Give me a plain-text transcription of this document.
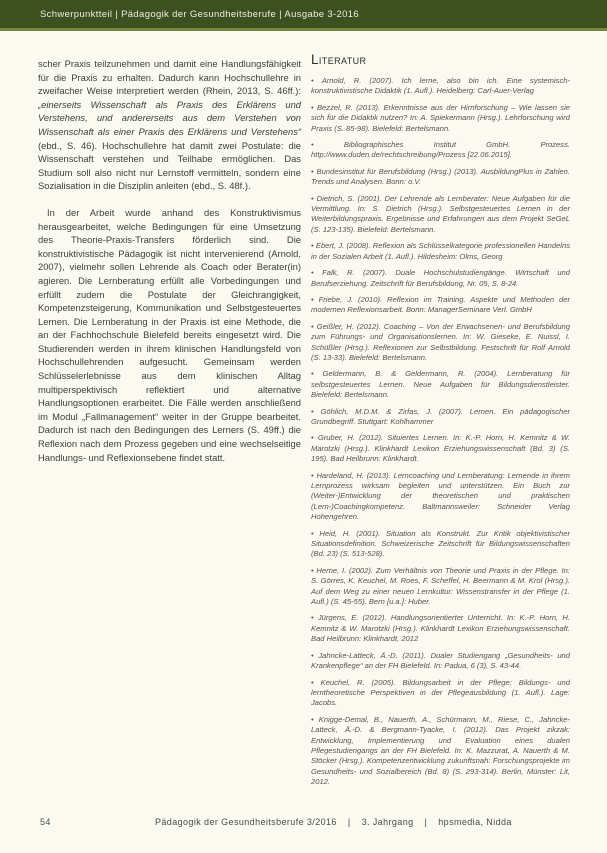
Schwerpunktteil | Pädagogik der Gesundheitsberufe | Ausgabe 3-2016

scher Praxis teilzunehmen und damit eine Handlungsfähigkeit für die Praxis zu erhalten. Dadurch kann Hochschullehre in zweifacher Weise interpretiert werden (Rhein, 2013, S. 46ff.): „einerseits Wissenschaft als Praxis des Erklärens und Verstehens, und andererseits aus dem Verstehen von Wissenschaft als einer Praxis des Erklärens und Verstehens“ (ebd., S. 46). Hochschullehre hat damit zwei Postulate: die Wissenschaft verstehen und Teilhabe ermöglichen. Das Studium soll also nicht nur Lernstoff vermitteln, sondern eine Sozialisation in die Disziplin anleiten (ebd., S. 48f.).

In der Arbeit wurde anhand des Konstruktivismus herausgearbeitet, welche Bedingungen für eine Umsetzung des Theorie-Praxis-Transfers förderlich sind. Die konstruktivistische Pädagogik ist nicht intervenierend (Arnold, 2007), vielmehr sollen Lehrende als Coach oder Berater(in) agieren. Die Lernberatung erfüllt alle Vorbedingungen und erfüllt zudem die Postulate der Gleichrangigkeit, Kompetenzsteigerung, Kommunikation und Selbstgesteuertes Lernen. Die Lernberatung in der Praxis ist eine Methode, die an der Fachhochschule Bielefeld bereits eingesetzt wird. Die Studierenden werden in ihrem klinischen Handlungsfeld von Hochschullehrenden aufgesucht. Gemeinsam werden Schlüsselerlebnisse aus dem klinischen Alltag multiperspektivisch reflektiert und alternative Handlungsoptionen erarbeitet. Die Fälle werden anschließend im Modul „Fallmanagement“ weiter in der Gruppe bearbeitet. Dadurch ist nach den Bedingungen des Lerners (S. 49ff.) die Reflexion nach dem Prozess gegeben und eine wechselseitige Handlungs- und Reflexionsebene findet statt.

Literatur
• Arnold, R. (2007). Ich lerne, also bin ich. Eine systemisch-konstruktivistische Didaktik (1. Aufl.). Heidelberg: Carl-Auer-Verlag
• Bezzel, R. (2013). Erkenntnisse aus der Hirnforschung – Wie lassen sie sich für die Didaktik nutzen? In: A. Spiekermann (Hrsg.). Lehrforschung wird Praxis (S. 85-98). Bielefeld: Bertelsmann.
• Bibliographisches Institut GmbH. Prozess. http://www.duden.de/rechtschreibung/Prozess [22.06.2015].
• Bundesinstitut für Berufsbildung (Hrsg.) (2013). AusbildungPlus in Zahlen. Trends und Analysen. Bonn: o.V.
• Dietrich, S. (2001). Der Lehrende als Lernberater: Neue Aufgaben für die Vermittlung. In: S. Dietrich (Hrsg.). Selbstgesteuertes Lernen in der Weiterbildungspraxis. Ergebnisse und Erfahrungen aus dem Projekt SeGeL (S. 123-135). Bielefeld: Bertelsmann.
• Ebert, J. (2008). Reflexion als Schlüsselkategorie professionellen Handelns in der Sozialen Arbeit (1. Aufl.). Hildesheim: Olms, Georg
• Falk, R. (2007). Duale Hochschulstudiengänge. Wirtschaft und Berufserziehung. Zeitschrift für Berufsbildung, Nr. 05, S. 8-24.
• Friebe, J. (2010). Reflexion im Training. Aspekte und Methoden der modernen Reflexionsarbeit. Bonn: ManagerSeminare Verl. GmbH
• Geißler, H. (2012). Coaching – Von der Erwachsenen- und Berufsbildung zum Führungs- und Organisationslernen. In: W. Gieseke, E. Nuissl, I. Schüßler (Hrsg.). Reflexionen zur Selbstbildung. Festschrift für Rolf Arnold (S. 13-33). Bielefeld: Bertelsmann.
• Geldermann, B. & Geldermann, R. (2004). Lernberatung für selbstgesteuertes Lernen. Neue Aufgaben für Bildungsdienstleister. Bielefeld: Bertelsmann.
• Göhlich, M.D.M. & Zirfas, J. (2007). Lernen. Ein pädagogischer Grundbegriff. Stuttgart: Kohlhammer
• Gruber, H. (2012). Situiertes Lernen. In: K.-P. Horn, H. Kemnitz & W. Marotzki (Hrsg.). Klinkhardt Lexikon Erziehungswissenschaft (Bd. 3) (S. 195). Bad Heilbrunn: Klinkhardt.
• Hardeland, H. (2013). Lerncoaching und Lernberatung: Lernende in ihrem Lernprozess wirksam begleiten und unterstützen. Ein Buch zur (Weiter-)Entwicklung der theoretischen und praktischen (Lern-)Coachingkompetenz. Baltmannsweiler: Schneider Verlag Hohengehren.
• Heid, H. (2001). Situation als Konstrukt. Zur Kritik objektivistischer Situationsdefinition. Schweizerische Zeitschrift für Bildungswissenschaften (Bd. 23) (S. 513-528).
• Herne, I. (2002). Zum Verhältnis von Theorie und Praxis in der Pflege. In: S. Görres, K. Keuchel, M. Roes, F. Scheffel, H. Beermann & M. Krol (Hrsg.). Auf dem Weg zu einer neuen Lernkultur: Wissenstransfer in der Pflege (1. Aufl.) (S. 45-55). Bern [u.a.]: Huber.
• Jürgens, E. (2012). Handlungsorientierter Unterricht. In: K.-P. Horn, H. Kemnitz & W. Marotzki (Hrsg.). Klinkhardt Lexikon Erziehungswissenschaft. Bad Heilbrunn: Klinkhardt, 2012
• Jahncke-Latteck, Ä.-D. (2011). Dualer Studiengang „Gesundheits- und Krankenpflege“ an der FH Bielefeld. In: Padua, 6 (3), S. 43-44.
• Keuchel, R. (2005). Bildungsarbeit in der Pflege: Bildungs- und lerntheoretische Perspektiven in der Pflegeausbildung (1. Aufl.). Lage: Jacobs.
• Knigge-Demal, B., Nauerth, A., Schürmann, M., Riese, C., Jahncke-Latteck, Ä.-D. & Bergmann-Tyacke, I. (2012). Das Projekt zikzak: Entwicklung, Implementierung und Evaluation eines dualen Pflegestudiengangs an der FH Bielefeld. In: K. Mazzurat, A. Nauerth & M. Stöcker (Hrsg.). Kompetenzentwicklung zukunftsnah: Forschungsprojekte im Gesundheits- und Sozialbereich (Bd. 8) (S. 293-314). Berlin, Münster: Lit, 2012.
54	Pädagogik der Gesundheitsberufe 3/2016 | 3. Jahrgang | hpsmedia, Nidda
